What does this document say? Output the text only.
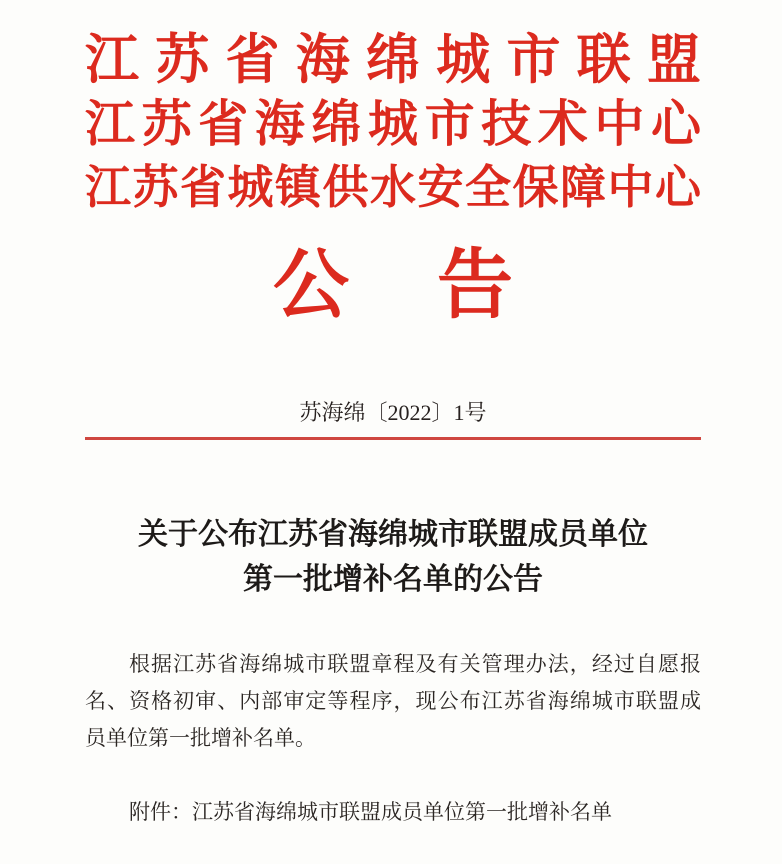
江苏省海绵城市联盟
江苏省海绵城市技术中心
江苏省城镇供水安全保障中心
公 告
苏海绵〔2022〕1号
关于公布江苏省海绵城市联盟成员单位
第一批增补名单的公告
根据江苏省海绵城市联盟章程及有关管理办法，经过自愿报
名、资格初审、内部审定等程序，现公布江苏省海绵城市联盟成
员单位第一批增补名单。
附件：江苏省海绵城市联盟成员单位第一批增补名单
